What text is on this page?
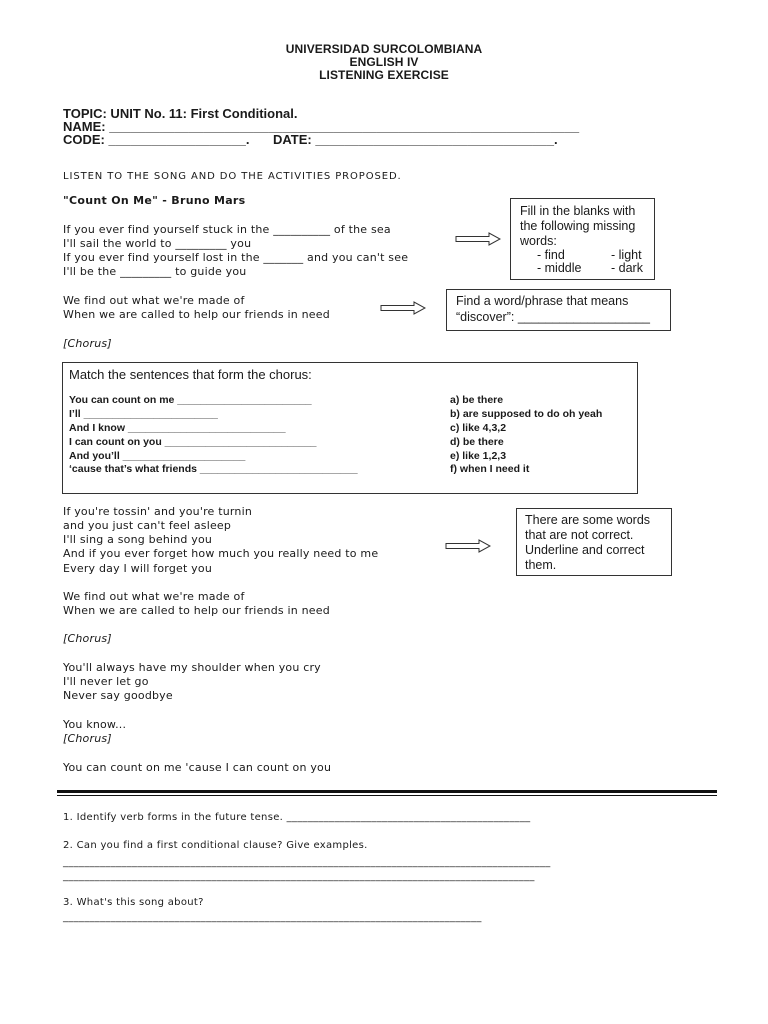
UNIVERSIDAD SURCOLOMBIANA
ENGLISH IV
LISTENING EXERCISE
TOPIC: UNIT No. 11: First Conditional.
NAME: _________________________________________________________________
CODE: ___________________. DATE: _________________________________.
LISTEN TO THE SONG AND DO THE ACTIVITIES PROPOSED.
"Count On Me" - Bruno Mars
If you ever find yourself stuck in the __________ of the sea
I'll sail the world to _________ you
If you ever find yourself lost in the _______ and you can't see
I'll be the _________ to guide you
We find out what we're made of
When we are called to help our friends in need
[Chorus]
Fill in the blanks with
the following missing
words:
- find
- middle
- light
- dark
Find a word/phrase that means
“discover”: ___________________
Match the sentences that form the chorus:
You can count on me _______________________
I’ll _______________________
And I know ___________________________
I can count on you __________________________
And you’ll _____________________
‘cause that’s what friends ___________________________
a) be there
b) are supposed to do oh yeah
c) like 4,3,2
d) be there
e) like 1,2,3
f) when I need it
If you're tossin' and you're turnin
and you just can't feel asleep
I'll sing a song behind you
And if you ever forget how much you really need to me
Every day I will forget you
There are some words
that are not correct.
Underline and correct
them.
We find out what we're made of
When we are called to help our friends in need
[Chorus]
You'll always have my shoulder when you cry
I'll never let go
Never say goodbye
You know...
[Chorus]
You can count on me 'cause I can count on you
1. Identify verb forms in the future tense. ______________________________________________
2. Can you find a first conditional clause? Give examples.
____________________________________________________________________________________________
_________________________________________________________________________________________
3. What's this song about?
_______________________________________________________________________________
